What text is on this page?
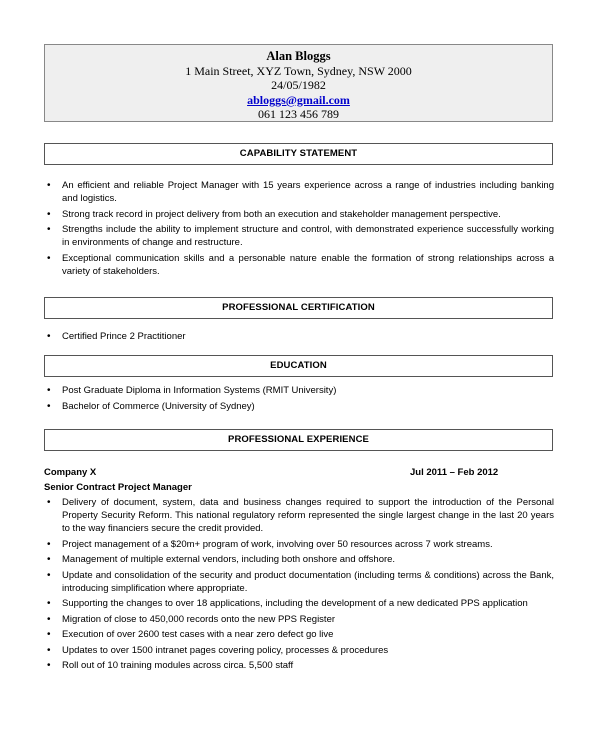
Alan Bloggs
1 Main Street, XYZ Town, Sydney, NSW 2000
24/05/1982
abloggs@gmail.com
061 123 456 789
CAPABILITY STATEMENT
• An efficient and reliable Project Manager with 15 years experience across a range of industries including banking and logistics.
• Strong track record in project delivery from both an execution and stakeholder management perspective.
• Strengths include the ability to implement structure and control, with demonstrated experience successfully working in environments of change and restructure.
• Exceptional communication skills and a personable nature enable the formation of strong relationships across a variety of stakeholders.
PROFESSIONAL CERTIFICATION
• Certified Prince 2 Practitioner
EDUCATION
• Post Graduate Diploma in Information Systems (RMIT University)
• Bachelor of Commerce (University of Sydney)
PROFESSIONAL EXPERIENCE
Company X	Jul 2011 – Feb 2012
Senior Contract Project Manager
• Delivery of document, system, data and business changes required to support the introduction of the Personal Property Security Reform. This national regulatory reform represented the single largest change in the last 20 years to the way financiers secure the credit provided.
• Project management of a $20m+ program of work, involving over 50 resources across 7 work streams.
• Management of multiple external vendors, including both onshore and offshore.
• Update and consolidation of the security and product documentation (including terms & conditions) across the Bank, introducing simplification where appropriate.
• Supporting the changes to over 18 applications, including the development of a new dedicated PPS application
• Migration of close to 450,000 records onto the new PPS Register
• Execution of over 2600 test cases with a near zero defect go live
• Updates to over 1500 intranet pages covering policy, processes & procedures
• Roll out of 10 training modules across circa. 5,500 staff
